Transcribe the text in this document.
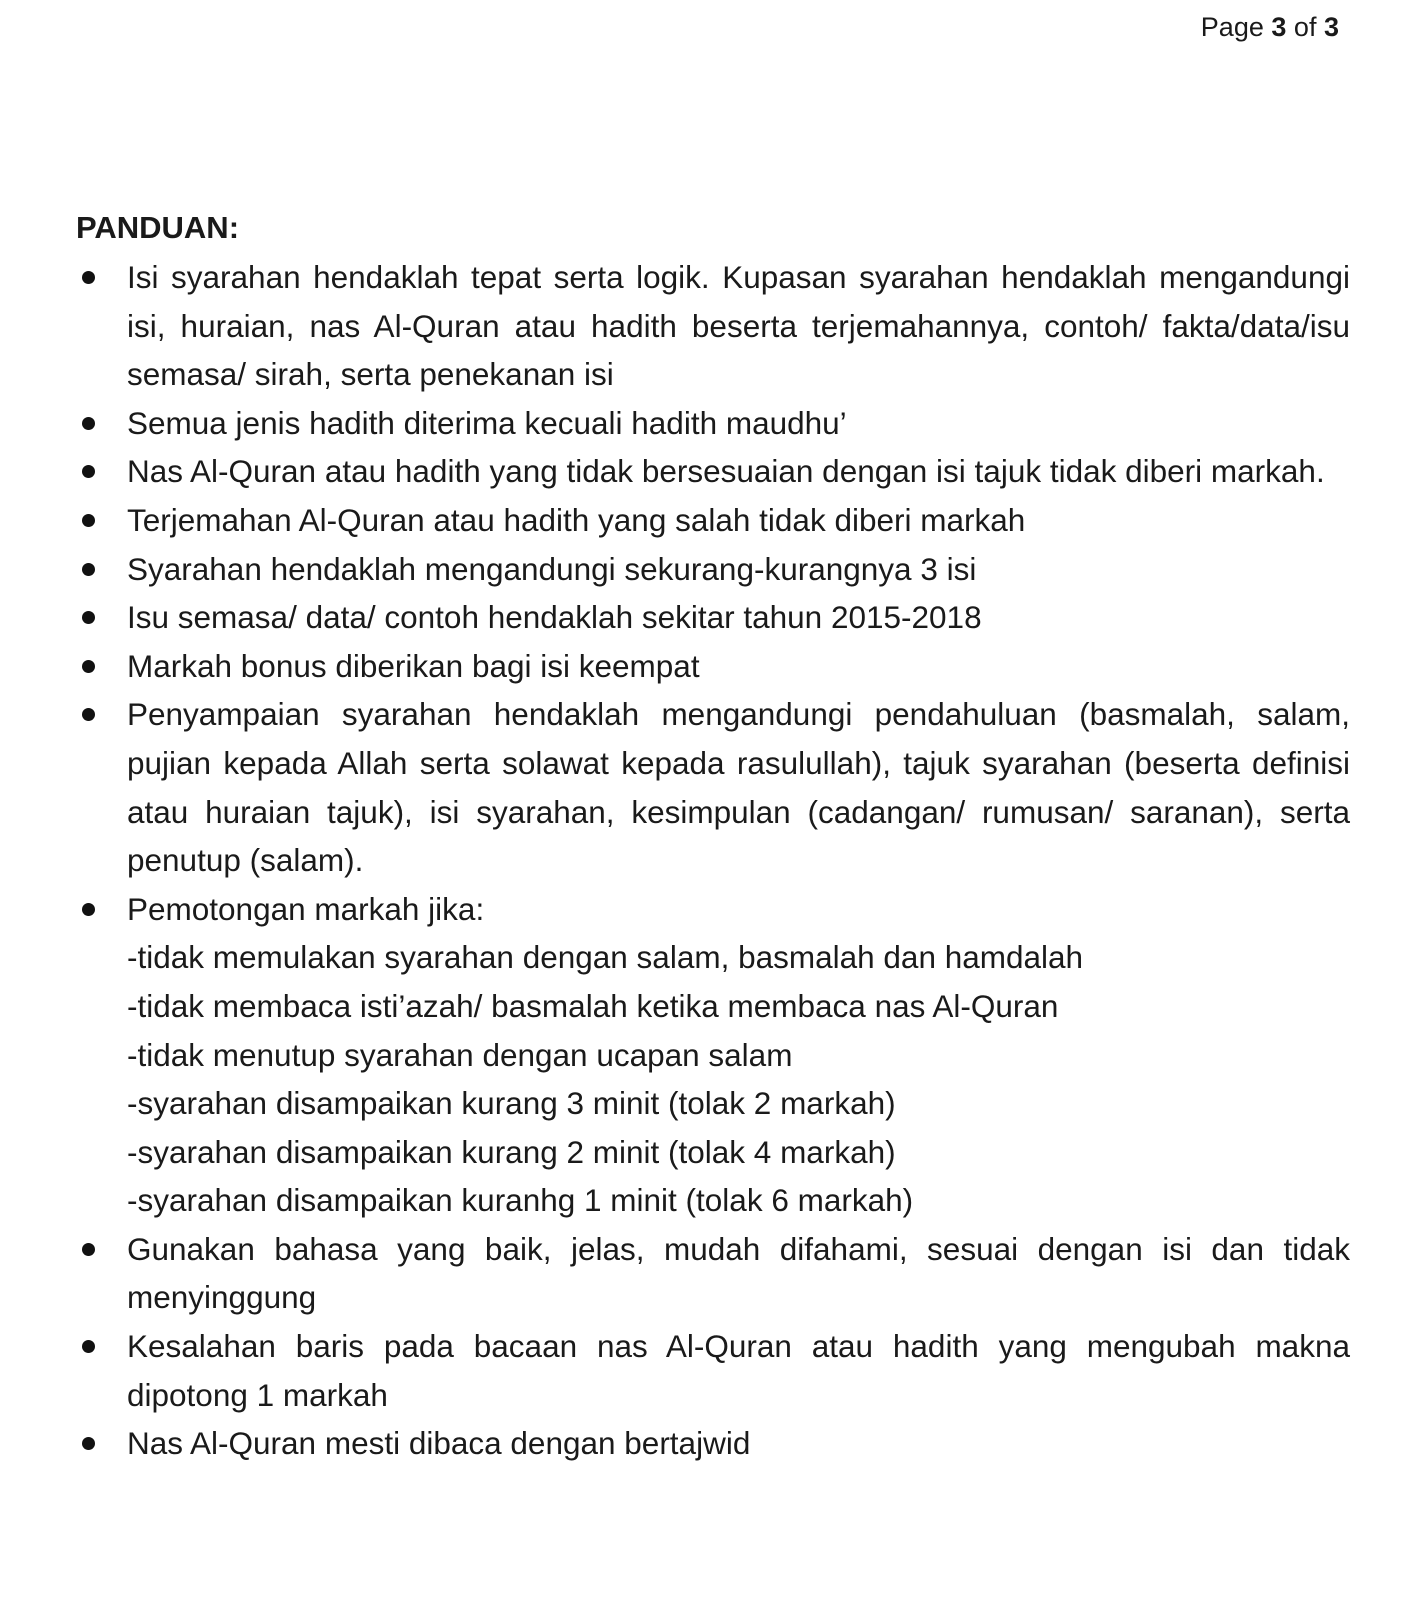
Page 3 of 3
PANDUAN:
Isi syarahan hendaklah tepat serta logik. Kupasan syarahan hendaklah mengandungi isi, huraian, nas Al-Quran atau hadith beserta terjemahannya, contoh/ fakta/data/isu semasa/ sirah, serta penekanan isi
Semua jenis hadith diterima kecuali hadith maudhu’
Nas Al-Quran atau hadith yang tidak bersesuaian dengan isi tajuk tidak diberi markah.
Terjemahan Al-Quran atau hadith yang salah tidak diberi markah
Syarahan hendaklah mengandungi sekurang-kurangnya 3 isi
Isu semasa/ data/ contoh hendaklah sekitar tahun 2015-2018
Markah bonus diberikan bagi isi keempat
Penyampaian syarahan hendaklah mengandungi pendahuluan (basmalah, salam, pujian kepada Allah serta solawat kepada rasulullah), tajuk syarahan (beserta definisi atau huraian tajuk), isi syarahan, kesimpulan (cadangan/ rumusan/ saranan), serta penutup (salam).
Pemotongan markah jika:
-tidak memulakan syarahan dengan salam, basmalah dan hamdalah
-tidak membaca isti’azah/ basmalah ketika membaca nas Al-Quran
-tidak menutup syarahan dengan ucapan salam
-syarahan disampaikan kurang 3 minit (tolak 2 markah)
-syarahan disampaikan kurang 2 minit (tolak 4 markah)
-syarahan disampaikan kuranhg 1 minit (tolak 6 markah)
Gunakan bahasa yang baik, jelas, mudah difahami, sesuai dengan isi dan tidak menyinggung
Kesalahan baris pada bacaan nas Al-Quran atau hadith yang mengubah makna dipotong 1 markah
Nas Al-Quran mesti dibaca dengan bertajwid
